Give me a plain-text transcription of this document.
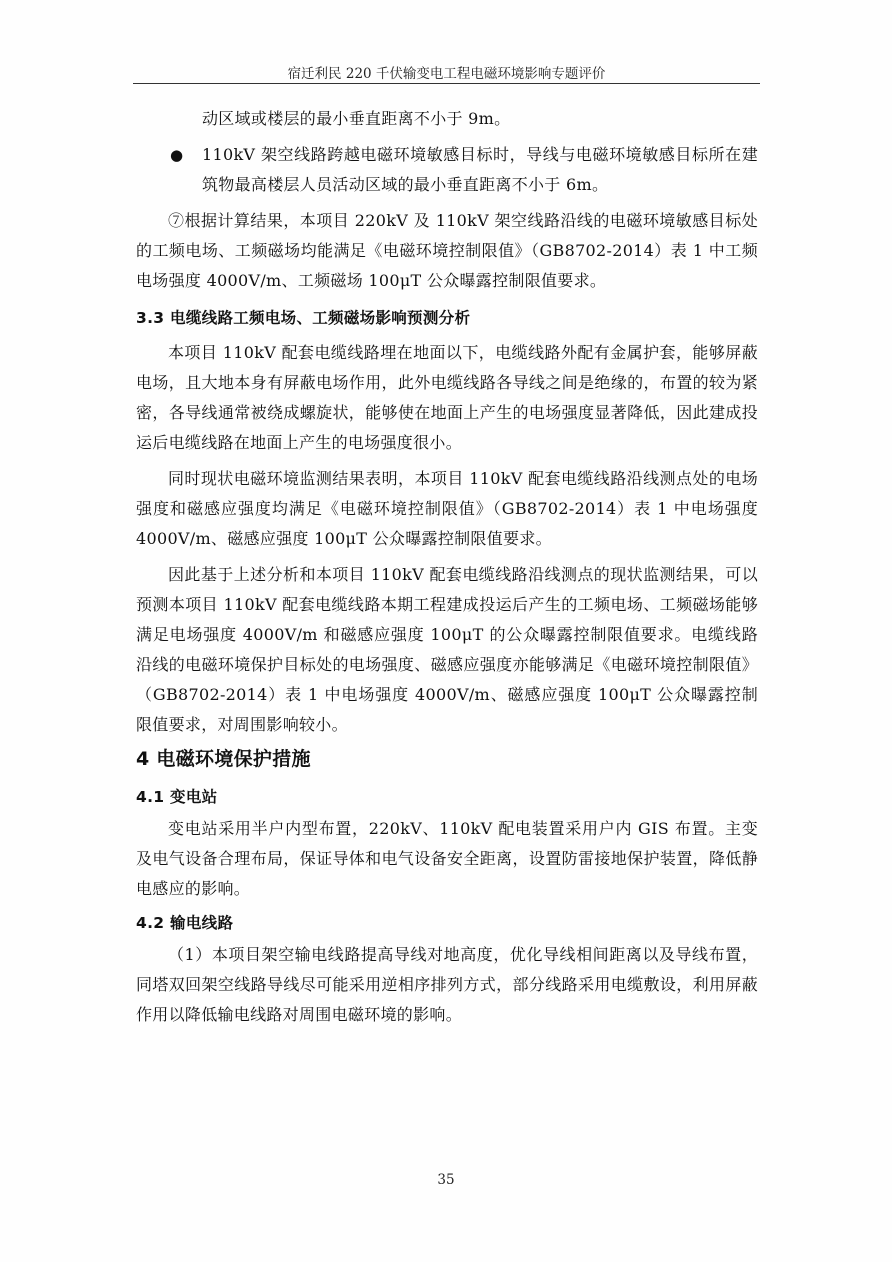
宿迁利民 220 千伏输变电工程电磁环境影响专题评价

动区域或楼层的最小垂直距离不小于 9m。

●	110kV 架空线路跨越电磁环境敏感目标时，导线与电磁环境敏感目标所在建筑物最高楼层人员活动区域的最小垂直距离不小于 6m。

⑦根据计算结果，本项目 220kV 及 110kV 架空线路沿线的电磁环境敏感目标处的工频电场、工频磁场均能满足《电磁环境控制限值》（GB8702-2014）表 1 中工频电场强度 4000V/m、工频磁场 100μT 公众曝露控制限值要求。

3.3 电缆线路工频电场、工频磁场影响预测分析

本项目 110kV 配套电缆线路埋在地面以下，电缆线路外配有金属护套，能够屏蔽电场，且大地本身有屏蔽电场作用，此外电缆线路各导线之间是绝缘的，布置的较为紧密，各导线通常被绕成螺旋状，能够使在地面上产生的电场强度显著降低，因此建成投运后电缆线路在地面上产生的电场强度很小。

同时现状电磁环境监测结果表明，本项目 110kV 配套电缆线路沿线测点处的电场强度和磁感应强度均满足《电磁环境控制限值》（GB8702-2014）表 1 中电场强度 4000V/m、磁感应强度 100μT 公众曝露控制限值要求。

因此基于上述分析和本项目 110kV 配套电缆线路沿线测点的现状监测结果，可以预测本项目 110kV 配套电缆线路本期工程建成投运后产生的工频电场、工频磁场能够满足电场强度 4000V/m 和磁感应强度 100μT 的公众曝露控制限值要求。电缆线路沿线的电磁环境保护目标处的电场强度、磁感应强度亦能够满足《电磁环境控制限值》（GB8702-2014）表 1 中电场强度 4000V/m、磁感应强度 100μT 公众曝露控制限值要求，对周围影响较小。

4 电磁环境保护措施
4.1 变电站

变电站采用半户内型布置，220kV、110kV 配电装置采用户内 GIS 布置。主变及电气设备合理布局，保证导体和电气设备安全距离，设置防雷接地保护装置，降低静电感应的影响。

4.2 输电线路

（1）本项目架空输电线路提高导线对地高度，优化导线相间距离以及导线布置，同塔双回架空线路导线尽可能采用逆相序排列方式，部分线路采用电缆敷设，利用屏蔽作用以降低输电线路对周围电磁环境的影响。

35
